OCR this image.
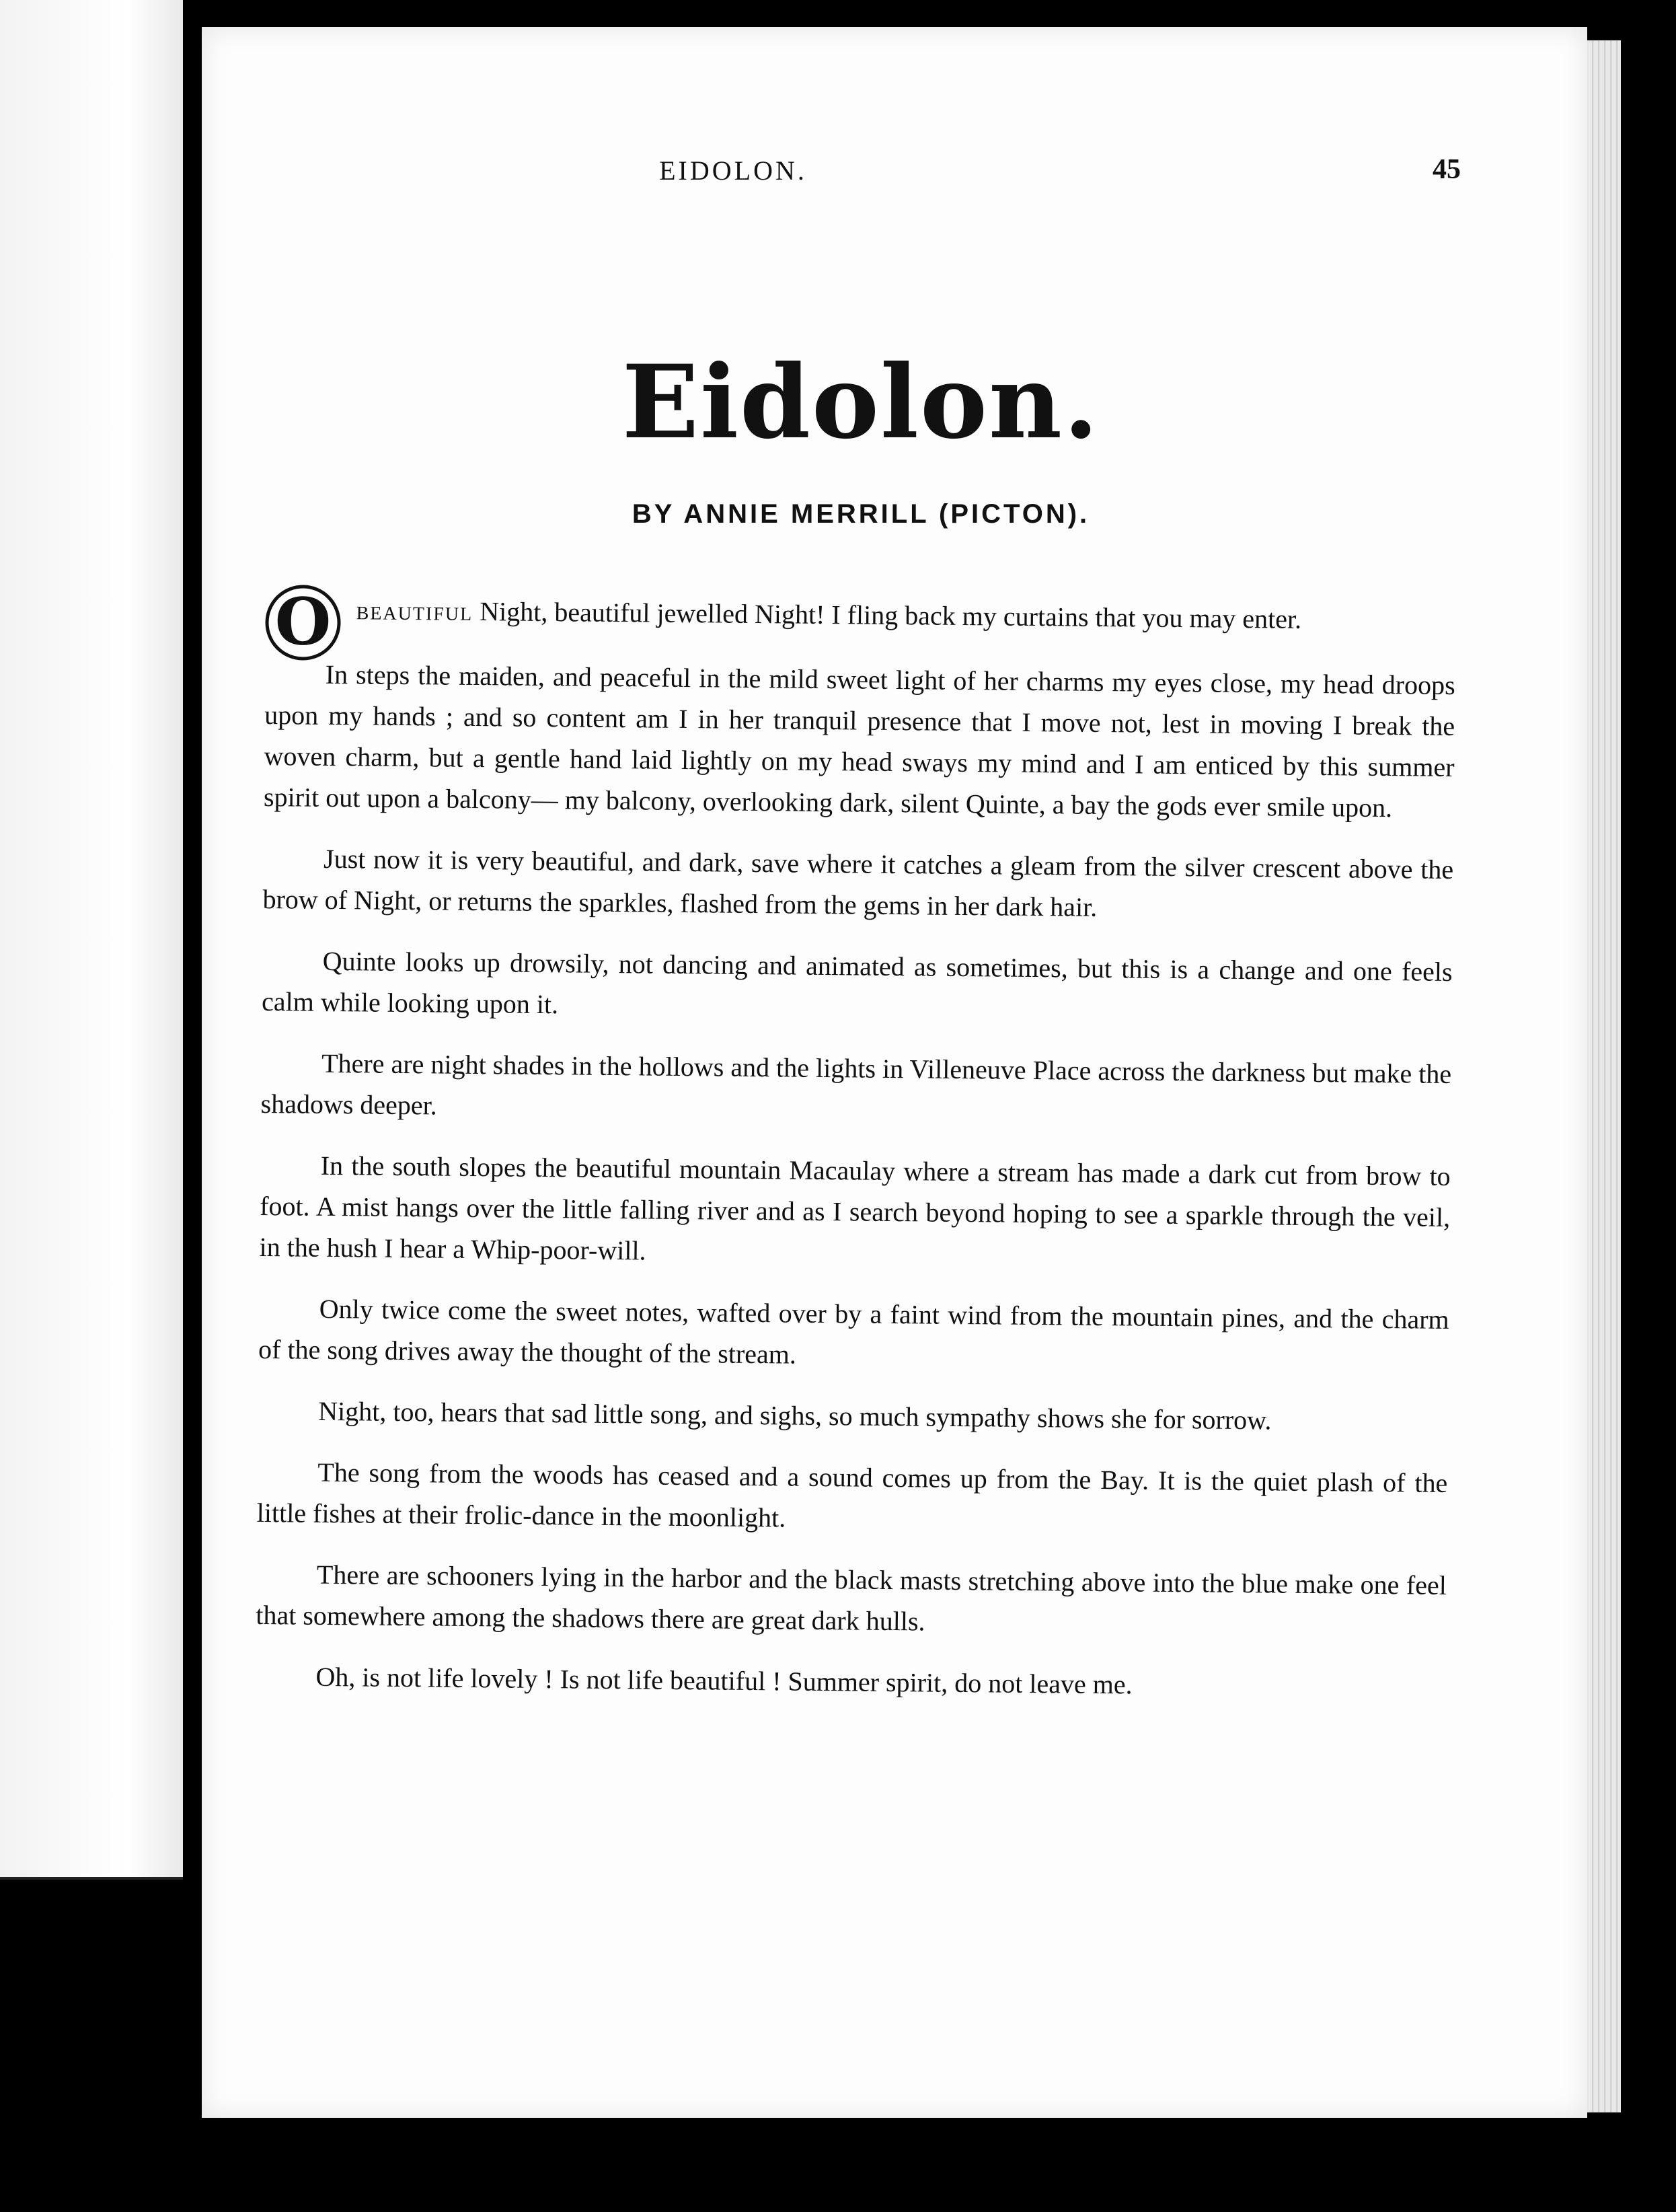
EIDOLON.	45
Eidolon.
BY ANNIE MERRILL (PICTON).

O	BEAUTIFUL Night, beautiful jewelled Night! I fling back my curtains that you may enter.

In steps the maiden, and peaceful in the mild sweet light of her charms my eyes close, my head droops upon my hands ; and so content am I in her tranquil presence that I move not, lest in moving I break the woven charm, but a gentle hand laid lightly on my head sways my mind and I am enticed by this summer spirit out upon a balcony— my balcony, overlooking dark, silent Quinte, a bay the gods ever smile upon.

Just now it is very beautiful, and dark, save where it catches a gleam from the silver crescent above the brow of Night, or returns the sparkles, flashed from the gems in her dark hair.

Quinte looks up drowsily, not dancing and animated as sometimes, but this is a change and one feels calm while looking upon it.

There are night shades in the hollows and the lights in Villeneuve Place across the darkness but make the shadows deeper.

In the south slopes the beautiful mountain Macaulay where a stream has made a dark cut from brow to foot. A mist hangs over the little falling river and as I search beyond hoping to see a sparkle through the veil, in the hush I hear a Whip-poor-will.

Only twice come the sweet notes, wafted over by a faint wind from the mountain pines, and the charm of the song drives away the thought of the stream.

Night, too, hears that sad little song, and sighs, so much sympathy shows she for sorrow.

The song from the woods has ceased and a sound comes up from the Bay. It is the quiet plash of the little fishes at their frolic-dance in the moonlight.

There are schooners lying in the harbor and the black masts stretching above into the blue make one feel that somewhere among the shadows there are great dark hulls.

Oh, is not life lovely ! Is not life beautiful ! Summer spirit, do not leave me.
